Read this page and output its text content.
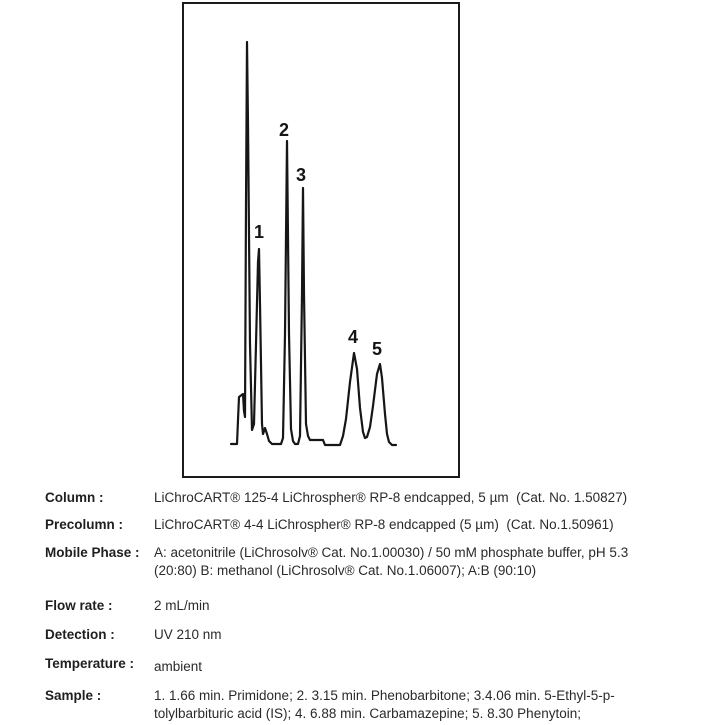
1
2
3
4
5
Column :	LiChroCART® 125-4 LiChrospher® RP-8 endcapped, 5 µm  (Cat. No. 1.50827)
Precolumn : LiChroCART® 4-4 LiChrospher® RP-8 endcapped (5 µm)  (Cat. No.1.50961)
Mobile Phase : A: acetonitrile (LiChrosolv® Cat. No.1.00030) / 50 mM phosphate buffer, pH 5.3
(20:80) B: methanol (LiChrosolv® Cat. No.1.06007); A:B (90:10)
Flow rate :	2 mL/min
Detection :	UV 210 nm
Temperature : ambient
Sample :	1. 1.66 min. Primidone; 2. 3.15 min. Phenobarbitone; 3.4.06 min. 5-Ethyl-5-p-
tolylbarbituric acid (IS); 4. 6.88 min. Carbamazepine; 5. 8.30 Phenytoin;
